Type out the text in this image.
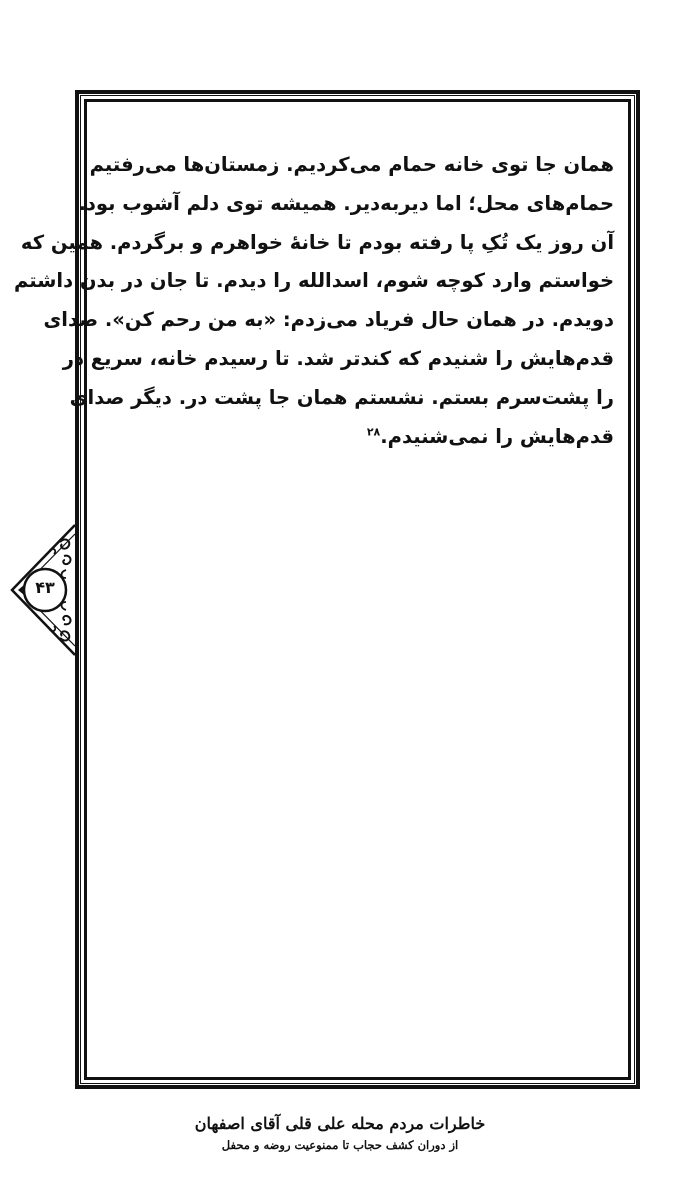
همان جا توی خانه حمام می‌کردیم. زمستان‌ها می‌رفتیم
حمام‌های محل؛ اما دیربه‌دیر. همیشه توی دلم آشوب بود.
آن روز یک تُکِ پا رفته بودم تا خانهٔ خواهرم و برگردم. همین که
خواستم وارد کوچه شوم، اسدالله را دیدم. تا جان در بدن داشتم
دویدم. در همان حال فریاد می‌زدم: «به من رحم کن». صدای
قدم‌هایش را شنیدم که کندتر شد. تا رسیدم خانه، سریع در
را پشت‌سرم بستم. نشستم همان جا پشت در. دیگر صدای
قدم‌هایش را نمی‌شنیدم.$^{۲۸}$
۴۳
خاطرات مردم محله علی قلی آقای اصفهان
از دوران کشف حجاب تا ممنوعیت روضه و محفل
